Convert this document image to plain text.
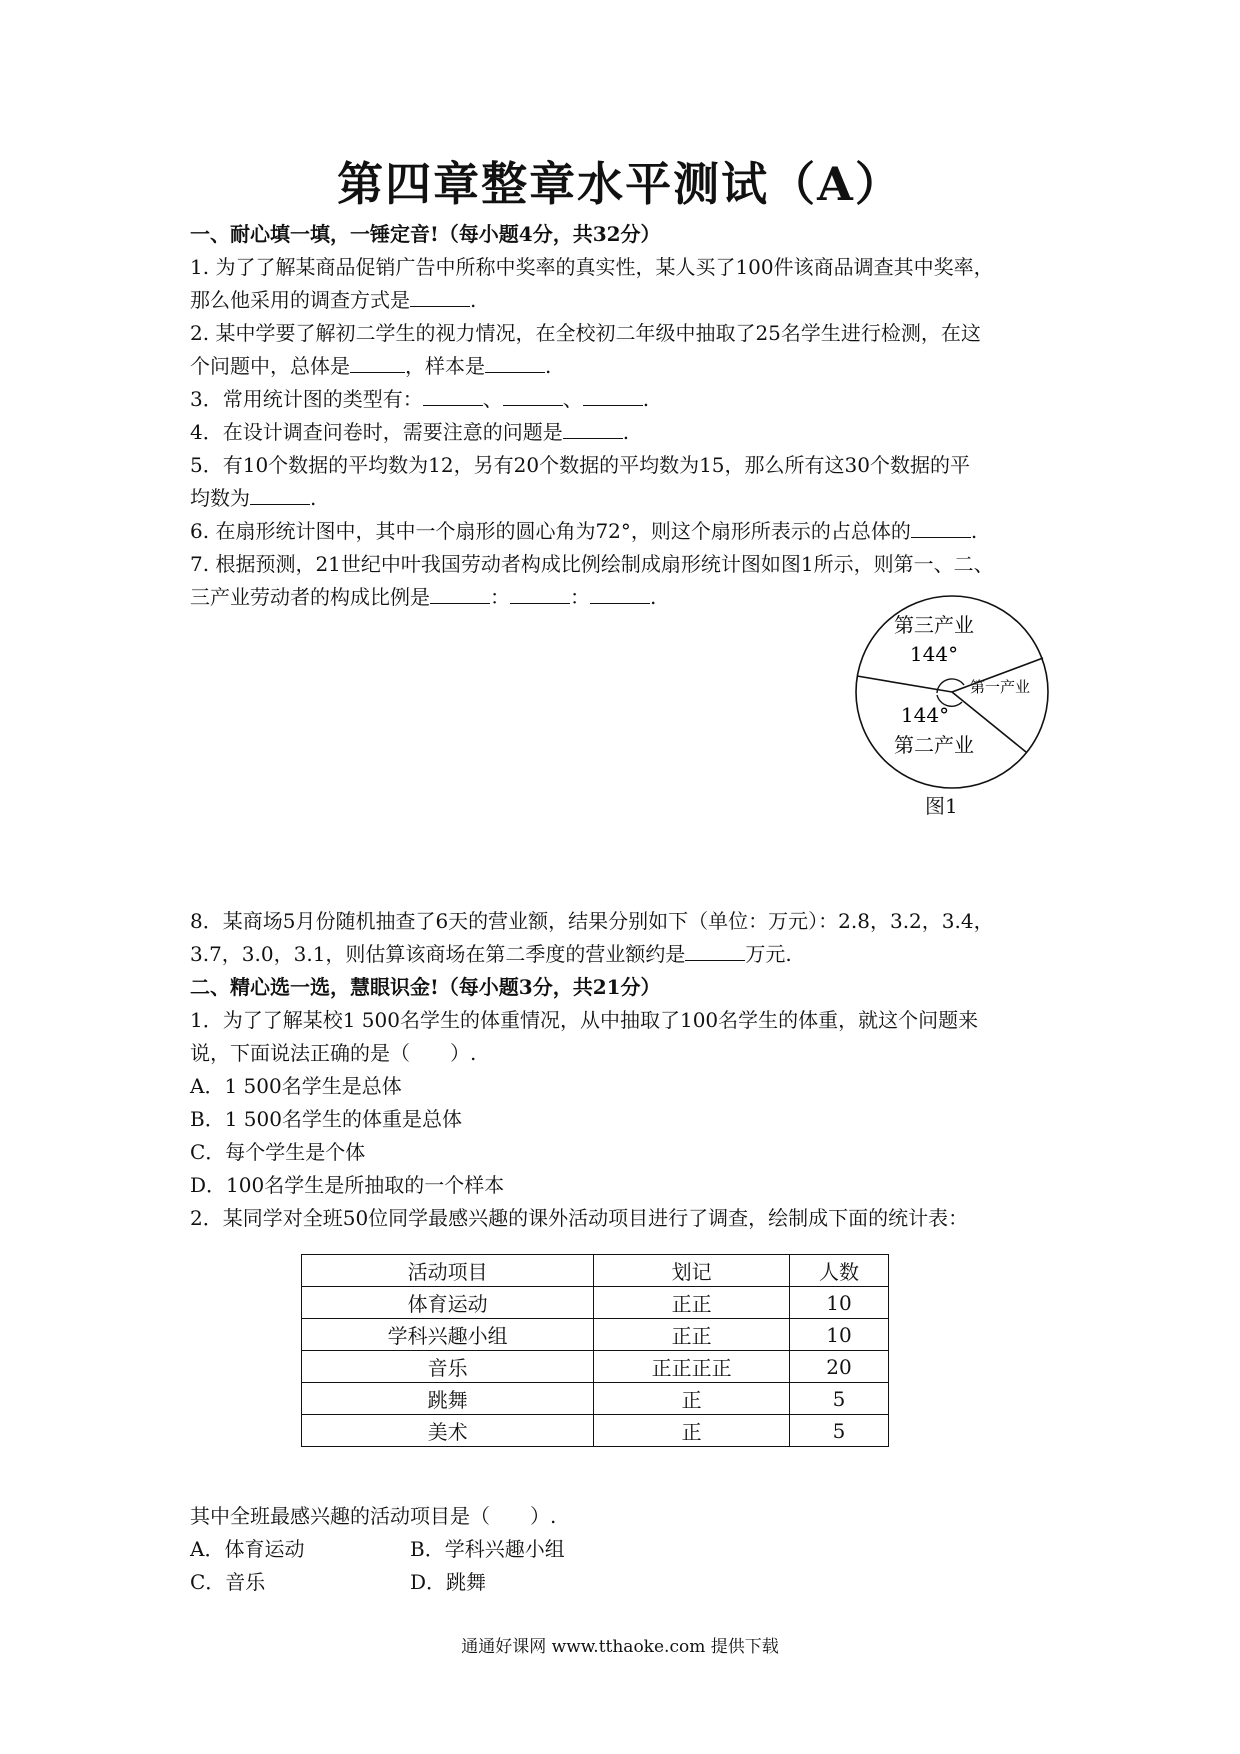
第四章整章水平测试（A）
一、耐心填一填，一锤定音!（每小题4分，共32分）
1. 为了了解某商品促销广告中所称中奖率的真实性，某人买了100件该商品调查其中奖率，
那么他采用的调查方式是	.
2. 某中学要了解初二学生的视力情况，在全校初二年级中抽取了25名学生进行检测，在这
个问题中，总体是	，样本是	.
3．常用统计图的类型有：	、	、	.
4．在设计调查问卷时，需要注意的问题是	.
5．有10个数据的平均数为12，另有20个数据的平均数为15，那么所有这30个数据的平
均数为	.
6. 在扇形统计图中，其中一个扇形的圆心角为72°，则这个扇形所表示的占总体的	.
7. 根据预测，21世纪中叶我国劳动者构成比例绘制成扇形统计图如图1所示，则第一、二、
三产业劳动者的构成比例是	：	：	.
第三产业
144°
第一产业
144°
第二产业
图1
8．某商场5月份随机抽查了6天的营业额，结果分别如下（单位：万元）：2.8，3.2，3.4，
3.7，3.0，3.1，则估算该商场在第二季度的营业额约是	万元.
二、精心选一选，慧眼识金!（每小题3分，共21分）
1．为了了解某校1 500名学生的体重情况，从中抽取了100名学生的体重，就这个问题来
说，下面说法正确的是（　　）.
A．1 500名学生是总体
B．1 500名学生的体重是总体
C．每个学生是个体
D．100名学生是所抽取的一个样本
2．某同学对全班50位同学最感兴趣的课外活动项目进行了调查，绘制成下面的统计表：
活动项目	划记	人数
体育运动	正正	10
学科兴趣小组	正正	10
音乐	正正正正	20
跳舞	正	5
美术	正	5
其中全班最感兴趣的活动项目是（　　）.
A．体育运动	B．学科兴趣小组
C．音乐	D．跳舞
通通好课网 www.tthaoke.com 提供下载
